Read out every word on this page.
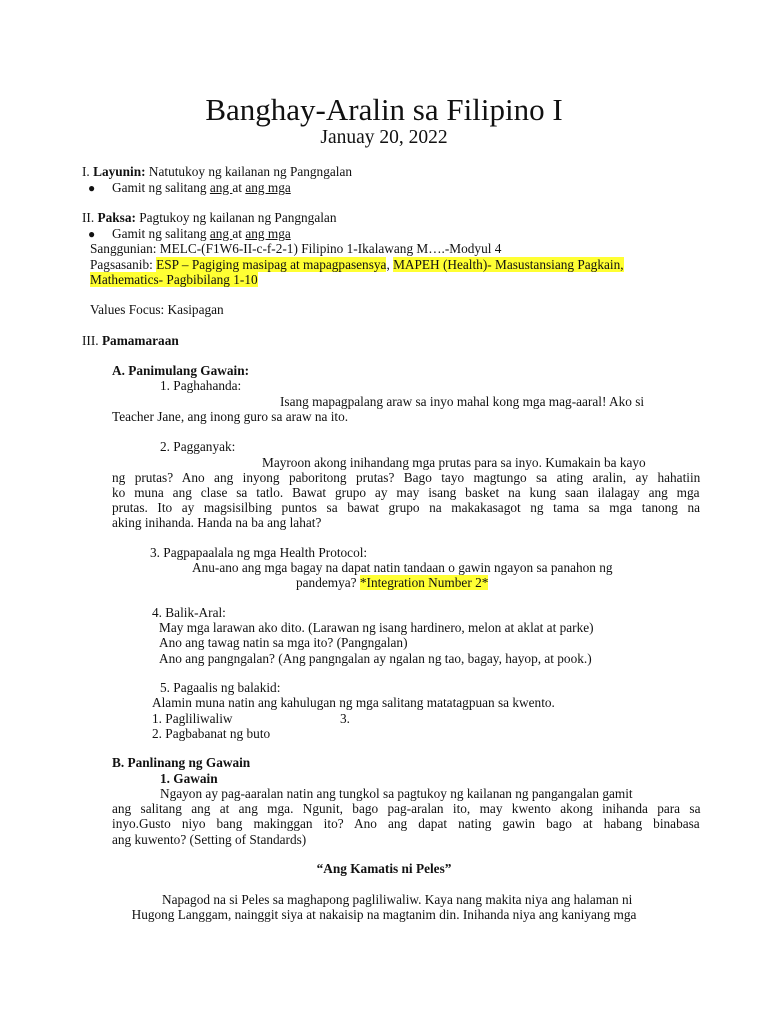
Banghay-Aralin sa Filipino I
Januay 20, 2022
I. Layunin: Natutukoy ng kailanan ng Pangngalan
● Gamit ng salitang ang at ang mga
II. Paksa: Pagtukoy ng kailanan ng Pangngalan
● Gamit ng salitang ang at ang mga
Sanggunian: MELC-(F1W6-II-c-f-2-1) Filipino 1-Ikalawang M….-Modyul 4
Pagsasanib: ESP – Pagiging masipag at mapagpasensya, MAPEH (Health)- Masustansiang Pagkain,
Mathematics- Pagbibilang 1-10
Values Focus: Kasipagan
III. Pamamaraan
A. Panimulang Gawain:
1. Paghahanda:
Isang mapagpalang araw sa inyo mahal kong mga mag-aaral! Ako si
Teacher Jane, ang inong guro sa araw na ito.
2. Pagganyak:
Mayroon akong inihandang mga prutas para sa inyo. Kumakain ba kayo
ng prutas? Ano ang inyong paboritong prutas? Bago tayo magtungo sa ating aralin, ay hahatiin
ko muna ang clase sa tatlo. Bawat grupo ay may isang basket na kung saan ilalagay ang mga
prutas. Ito ay magsisilbing puntos sa bawat grupo na makakasagot ng tama sa mga tanong na
aking inihanda. Handa na ba ang lahat?
3. Pagpapaalala ng mga Health Protocol:
Anu-ano ang mga bagay na dapat natin tandaan o gawin ngayon sa panahon ng
pandemya? *Integration Number 2*
4. Balik-Aral:
May mga larawan ako dito. (Larawan ng isang hardinero, melon at aklat at parke)
Ano ang tawag natin sa mga ito? (Pangngalan)
Ano ang pangngalan? (Ang pangngalan ay ngalan ng tao, bagay, hayop, at pook.)
5. Pagaalis ng balakid:
Alamin muna natin ang kahulugan ng mga salitang matatagpuan sa kwento.
1. Pagliliwaliw	3.
2. Pagbabanat ng buto
B. Panlinang ng Gawain
1. Gawain
Ngayon ay pag-aaralan natin ang tungkol sa pagtukoy ng kailanan ng pangangalan gamit
ang salitang ang at ang mga. Ngunit, bago pag-aralan ito, may kwento akong inihanda para sa
inyo.Gusto niyo bang makinggan ito? Ano ang dapat nating gawin bago at habang binabasa
ang kuwento? (Setting of Standards)
“Ang Kamatis ni Peles”
Napagod na si Peles sa maghapong pagliliwaliw. Kaya nang makita niya ang halaman ni
Hugong Langgam, nainggit siya at nakaisip na magtanim din. Inihanda niya ang kaniyang mga
